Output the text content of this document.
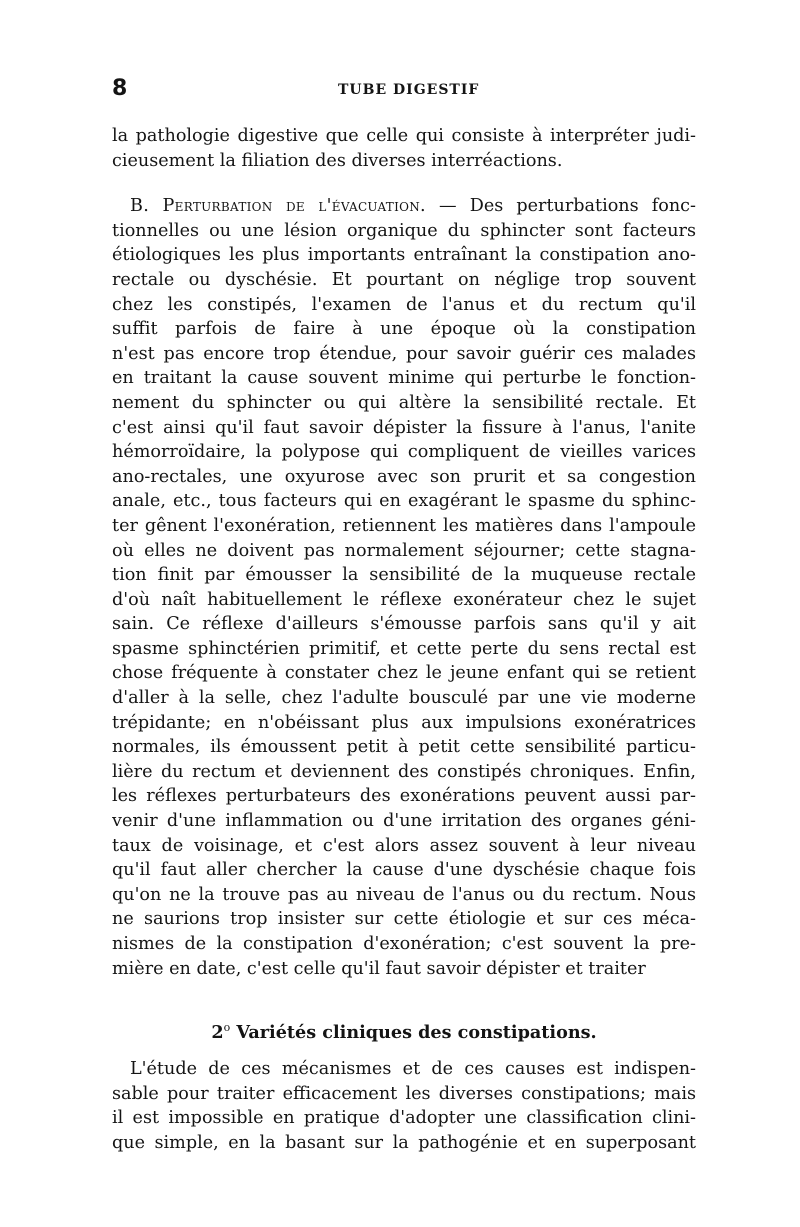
8	TUBE DIGESTIF
la pathologie digestive que celle qui consiste à interpréter judi-
cieusement la filiation des diverses interréactions.
B. Perturbation de l'évacuation. — Des perturbations fonc-
tionnelles ou une lésion organique du sphincter sont facteurs
étiologiques les plus importants entraînant la constipation ano-
rectale ou dyschésie. Et pourtant on néglige trop souvent
chez les constipés, l'examen de l'anus et du rectum qu'il
suffit parfois de faire à une époque où la constipation
n'est pas encore trop étendue, pour savoir guérir ces malades
en traitant la cause souvent minime qui perturbe le fonction-
nement du sphincter ou qui altère la sensibilité rectale. Et
c'est ainsi qu'il faut savoir dépister la fissure à l'anus, l'anite
hémorroïdaire, la polypose qui compliquent de vieilles varices
ano-rectales, une oxyurose avec son prurit et sa congestion
anale, etc., tous facteurs qui en exagérant le spasme du sphinc-
ter gênent l'exonération, retiennent les matières dans l'ampoule
où elles ne doivent pas normalement séjourner; cette stagna-
tion finit par émousser la sensibilité de la muqueuse rectale
d'où naît habituellement le réflexe exonérateur chez le sujet
sain. Ce réflexe d'ailleurs s'émousse parfois sans qu'il y ait
spasme sphinctérien primitif, et cette perte du sens rectal est
chose fréquente à constater chez le jeune enfant qui se retient
d'aller à la selle, chez l'adulte bousculé par une vie moderne
trépidante; en n'obéissant plus aux impulsions exonératrices
normales, ils émoussent petit à petit cette sensibilité particu-
lière du rectum et deviennent des constipés chroniques. Enfin,
les réflexes perturbateurs des exonérations peuvent aussi par-
venir d'une inflammation ou d'une irritation des organes géni-
taux de voisinage, et c'est alors assez souvent à leur niveau
qu'il faut aller chercher la cause d'une dyschésie chaque fois
qu'on ne la trouve pas au niveau de l'anus ou du rectum. Nous
ne saurions trop insister sur cette étiologie et sur ces méca-
nismes de la constipation d'exonération; c'est souvent la pre-
mière en date, c'est celle qu'il faut savoir dépister et traiter
2$^o$ Variétés cliniques des constipations.
L'étude de ces mécanismes et de ces causes est indispen-
sable pour traiter efficacement les diverses constipations; mais
il est impossible en pratique d'adopter une classification clini-
que simple, en la basant sur la pathogénie et en superposant
